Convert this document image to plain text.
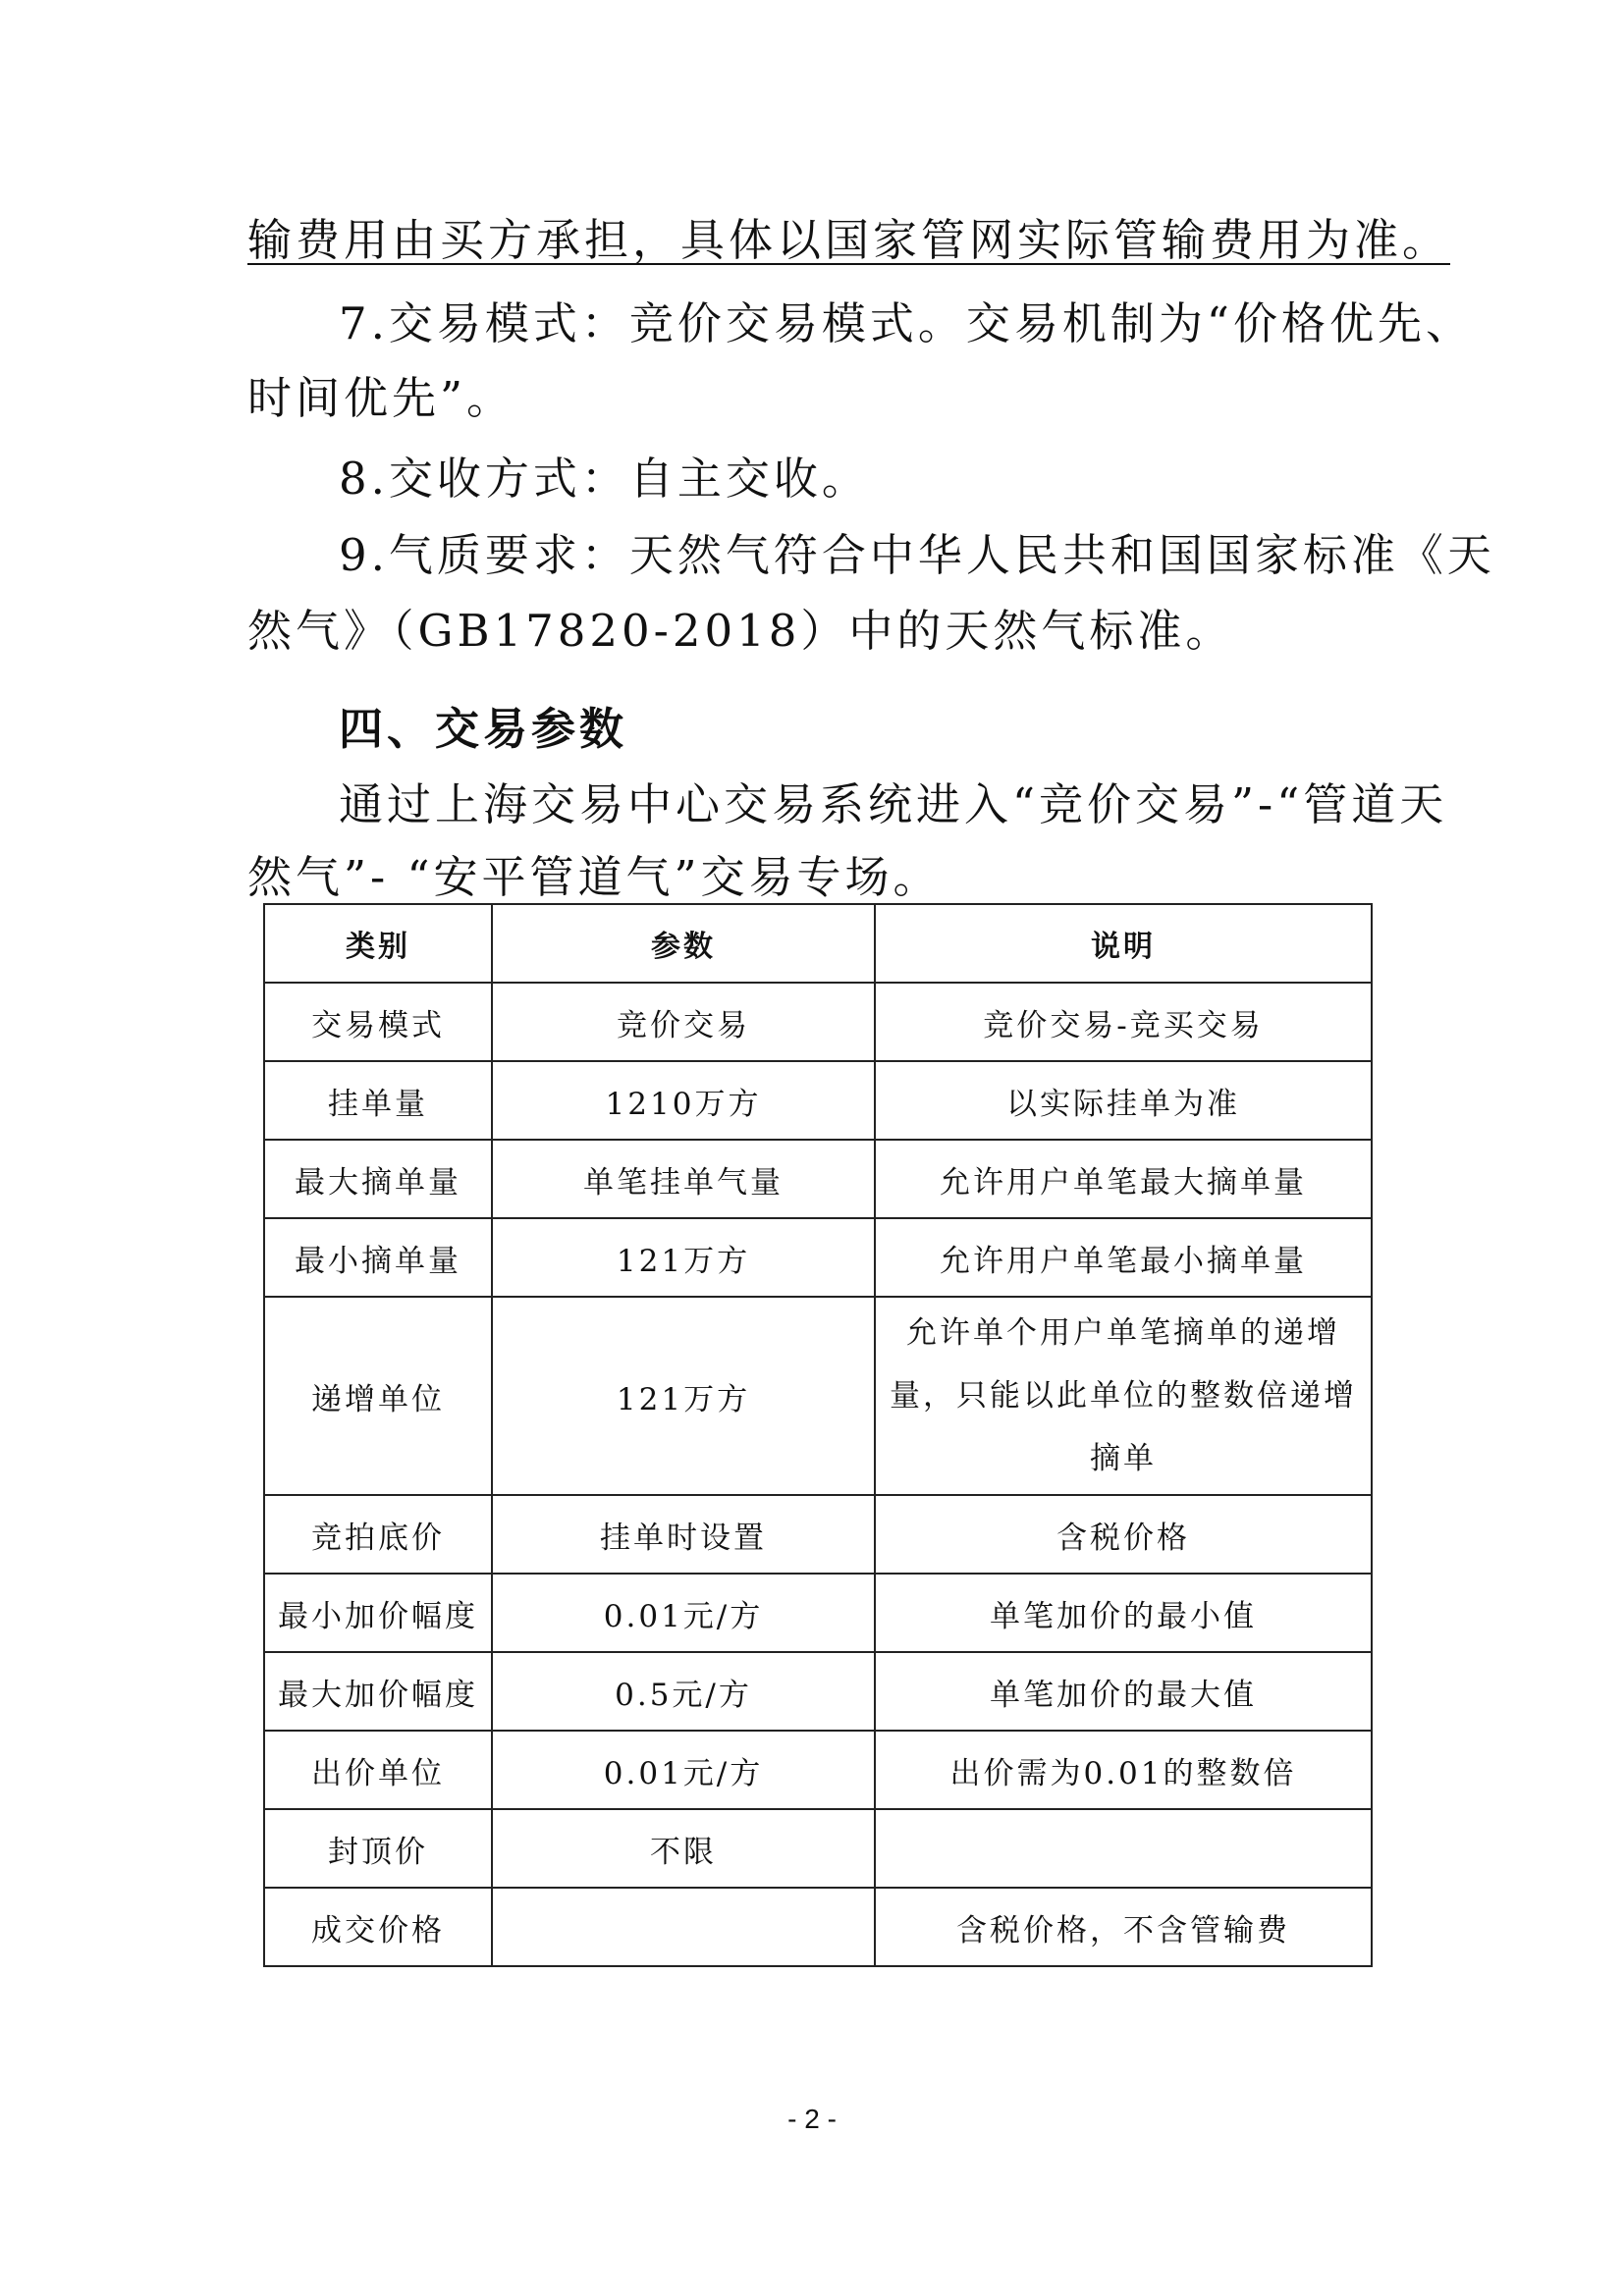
输费用由买方承担，具体以国家管网实际管输费用为准。
7.交易模式：竞价交易模式。交易机制为“价格优先、
时间优先”。
8.交收方式：自主交收。
9.气质要求：天然气符合中华人民共和国国家标准《天
然气》（GB17820-2018）中的天然气标准。
四、交易参数
通过上海交易中心交易系统进入“竞价交易”-“管道天
然气”- “安平管道气”交易专场。
类别	参数	说明
交易模式	竞价交易	竞价交易-竞买交易
挂单量	1210万方	以实际挂单为准
最大摘单量	单笔挂单气量	允许用户单笔最大摘单量
最小摘单量	121万方	允许用户单笔最小摘单量
递增单位	121万方	允许单个用户单笔摘单的递增量，只能以此单位的整数倍递增摘单
竞拍底价	挂单时设置	含税价格
最小加价幅度	0.01元/方	单笔加价的最小值
最大加价幅度	0.5元/方	单笔加价的最大值
出价单位	0.01元/方	出价需为0.01的整数倍
封顶价	不限	
成交价格		含税价格，不含管输费
- 2 -
